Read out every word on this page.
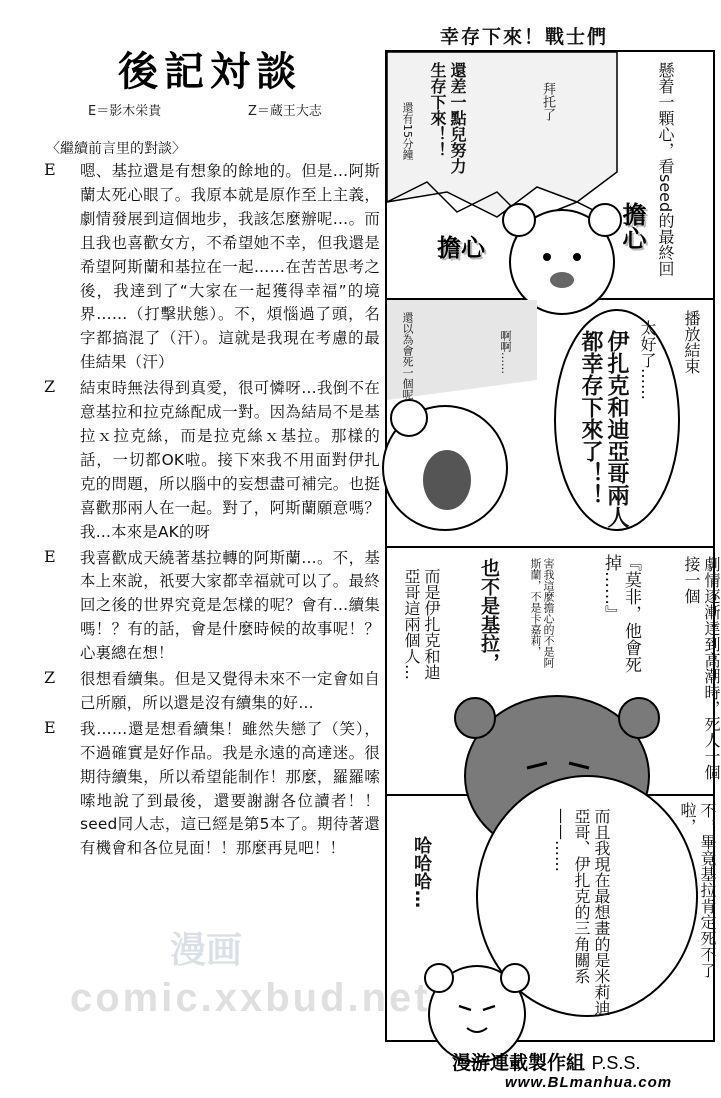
後記対談
E＝影木栄貴	Z＝蔵王大志
〈繼續前言里的對談〉
E	嗯、基拉還是有想象的餘地的。但是…阿斯蘭太死心眼了。我原本就是原作至上主義，劇情發展到這個地步，我該怎麼辦呢…。而且我也喜歡女方，不希望她不幸，但我還是希望阿斯蘭和基拉在一起……在苦苦思考之後，我達到了“大家在一起獲得幸福”的境界……（打擊狀態）。不，煩惱過了頭，名字都搞混了（汗）。這就是我現在考慮的最佳結果（汗）
Z	結束時無法得到真愛，很可憐呀…我倒不在意基拉和拉克絲配成一對。因為結局不是基拉ｘ拉克絲，而是拉克絲ｘ基拉。那樣的話，一切都OK啦。接下來我不用面對伊扎克的問題，所以腦中的妄想盡可補完。也挺喜歡那兩人在一起。對了，阿斯蘭願意嗎？我…本來是AK的呀
E	我喜歡成天繞著基拉轉的阿斯蘭…。不，基本上來說，祇要大家都幸福就可以了。最終回之後的世界究竟是怎樣的呢？會有…續集嗎！？有的話，會是什麼時候的故事呢！？心裏總在想！
Z	很想看續集。但是又覺得未來不一定會如自己所願，所以還是沒有續集的好…
E	我……還是想看續集！雖然失戀了（笑），不過確實是好作品。我是永遠的高達迷。很期待續集，所以希望能制作！那麼，羅羅嗦嗦地說了到最後，還要謝謝各位讀者！！seed同人志，這已經是第5本了。期待著還有機會和各位見面！！那麼再見吧！！
幸存下來！戰士們
懸着一顆心，看seed的最終回
還差一點兒努力生存下來！！
還有15分鐘
拜托了
擔心	擔心
播放結束
伊扎克和迪亞哥兩人都幸存下來了！！	太好了……
啊啊……
還以為會死一個呢
劇情逐漸達到高潮時，死人一個接一個
『莫非，他會死掉……』
害我這麼擔心的不是阿斯蘭，不是卡嘉莉，
也不是基拉，
而是伊扎克和迪亞哥這兩個人…
不，畢竟基拉肯定死不了啦，
而且我現在最想畫的是米莉迪亞哥、伊扎克的三角關系——……
哈哈哈…
漫游連載製作組 P.S.S.
www.BLmanhua.com
漫画
comic.xxbud.net
